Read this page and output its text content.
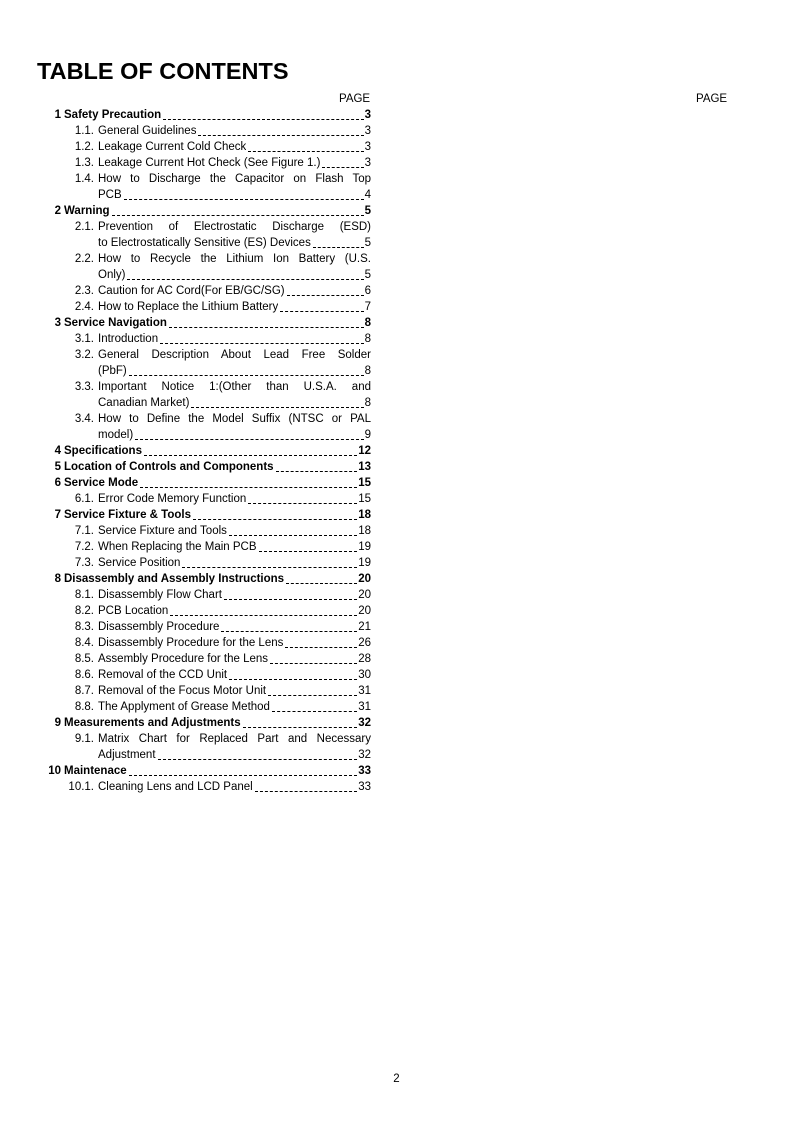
TABLE OF CONTENTS
PAGE	PAGE
1 Safety Precaution	3
1.1. General Guidelines	3
1.2. Leakage Current Cold Check	3
1.3. Leakage Current Hot Check (See Figure 1.)	3
1.4. How to Discharge the Capacitor on Flash Top
PCB	4
2 Warning	5
2.1. Prevention of Electrostatic Discharge (ESD)
to Electrostatically Sensitive (ES) Devices	5
2.2. How to Recycle the Lithium Ion Battery (U.S.
Only)	5
2.3. Caution for AC Cord(For EB/GC/SG)	6
2.4. How to Replace the Lithium Battery	7
3 Service Navigation	8
3.1. Introduction	8
3.2. General Description About Lead Free Solder
(PbF)	8
3.3. Important Notice 1:(Other than U.S.A. and
Canadian Market)	8
3.4. How to Define the Model Suffix (NTSC or PAL
model)	9
4 Specifications	12
5 Location of Controls and Components	13
6 Service Mode	15
6.1. Error Code Memory Function	15
7 Service Fixture & Tools	18
7.1. Service Fixture and Tools	18
7.2. When Replacing the Main PCB	19
7.3. Service Position	19
8 Disassembly and Assembly Instructions	20
8.1. Disassembly Flow Chart	20
8.2. PCB Location	20
8.3. Disassembly Procedure	21
8.4. Disassembly Procedure for the Lens	26
8.5. Assembly Procedure for the Lens	28
8.6. Removal of the CCD Unit	30
8.7. Removal of the Focus Motor Unit	31
8.8. The Applyment of Grease Method	31
9 Measurements and Adjustments	32
9.1. Matrix Chart for Replaced Part and Necessary
Adjustment	32
10 Maintenace	33
10.1. Cleaning Lens and LCD Panel	33
2
